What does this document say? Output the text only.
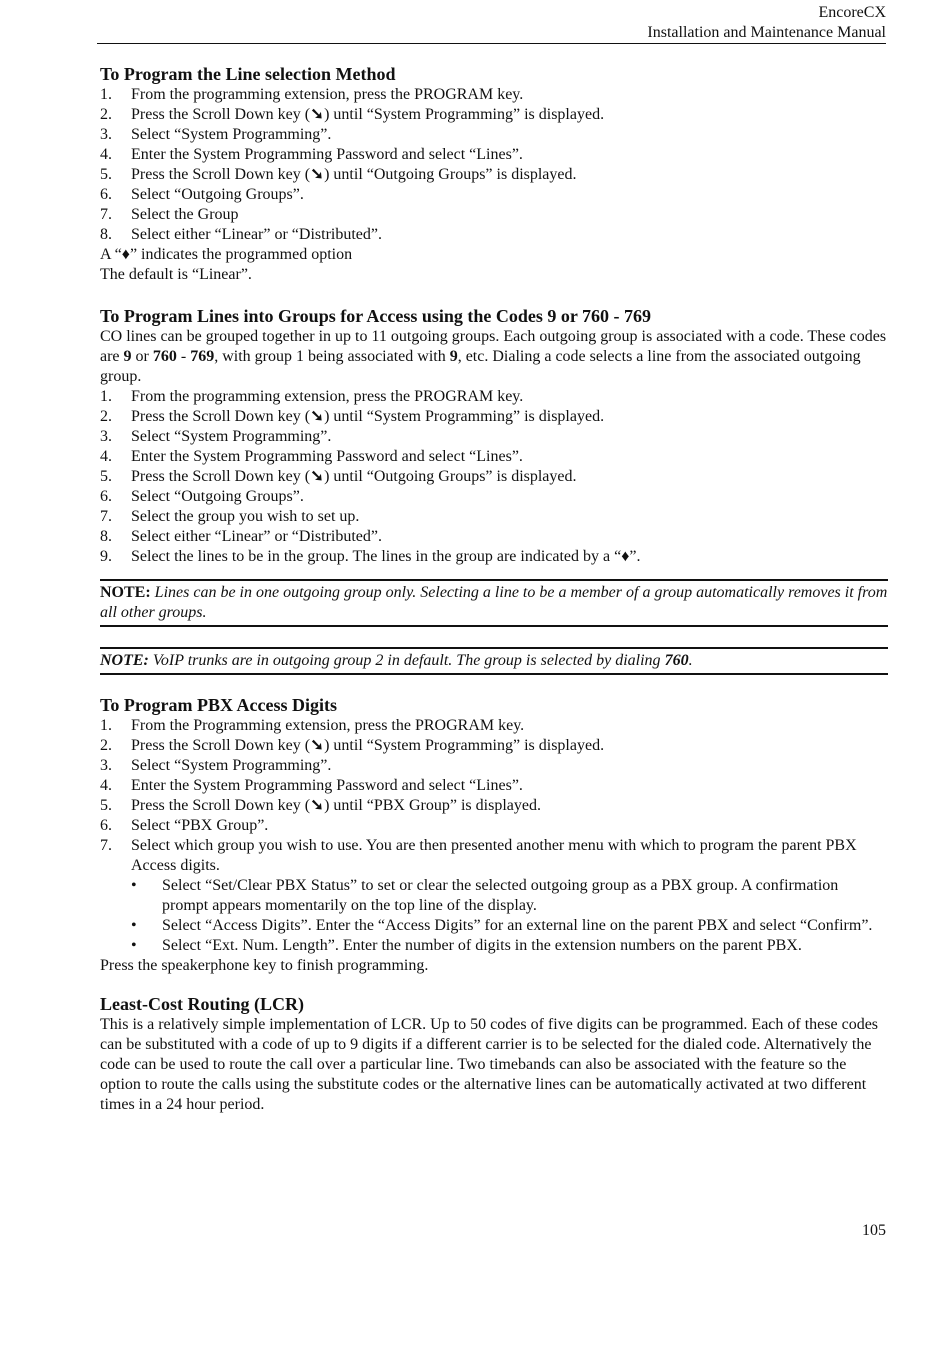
EncoreCX
Installation and Maintenance Manual
To Program the Line selection Method
1.	From the programming extension, press the PROGRAM key.
2.	Press the Scroll Down key (➘) until “System Programming” is displayed.
3.	Select “System Programming”.
4.	Enter the System Programming Password and select “Lines”.
5.	Press the Scroll Down key (➘) until “Outgoing Groups” is displayed.
6.	Select “Outgoing Groups”.
7.	Select the Group
8.	Select either “Linear” or “Distributed”.

A “♦” indicates the programmed option

The default is “Linear”.

To Program Lines into Groups for Access using the Codes 9 or 760 - 769

CO lines can be grouped together in up to 11 outgoing groups. Each outgoing group is associated with a code. These codes are 9 or 760 - 769, with group 1 being associated with 9, etc. Dialing a code selects a line from the associated outgoing group.

1.	From the programming extension, press the PROGRAM key.
2.	Press the Scroll Down key (➘) until “System Programming” is displayed.
3.	Select “System Programming”.
4.	Enter the System Programming Password and select “Lines”.
5.	Press the Scroll Down key (➘) until “Outgoing Groups” is displayed.
6.	Select “Outgoing Groups”.
7.	Select the group you wish to set up.
8.	Select either “Linear” or “Distributed”.
9.	Select the lines to be in the group. The lines in the group are indicated by a “♦”.

NOTE: Lines can be in one outgoing group only. Selecting a line to be a member of a group automatically removes it from all other groups.

NOTE: VoIP trunks are in outgoing group 2 in default. The group is selected by dialing 760.

To Program PBX Access Digits
1.	From the Programming extension, press the PROGRAM key.
2.	Press the Scroll Down key (➘) until “System Programming” is displayed.
3.	Select “System Programming”.
4.	Enter the System Programming Password and select “Lines”.
5.	Press the Scroll Down key (➘) until “PBX Group” is displayed.
6.	Select “PBX Group”.
7.	Select which group you wish to use. You are then presented another menu with which to program the parent PBX Access digits.
•	Select “Set/Clear PBX Status” to set or clear the selected outgoing group as a PBX group. A confirmation prompt appears momentarily on the top line of the display.
•	Select “Access Digits”. Enter the “Access Digits” for an external line on the parent PBX and select “Confirm”.
•	Select “Ext. Num. Length”. Enter the number of digits in the extension numbers on the parent PBX.

Press the speakerphone key to finish programming.

Least-Cost Routing (LCR)

This is a relatively simple implementation of LCR. Up to 50 codes of five digits can be programmed. Each of these codes can be substituted with a code of up to 9 digits if a different carrier is to be selected for the dialed code. Alternatively the code can be used to route the call over a particular line. Two timebands can also be associated with the feature so the option to route the calls using the substitute codes or the alternative lines can be automatically activated at two different times in a 24 hour period.

105
